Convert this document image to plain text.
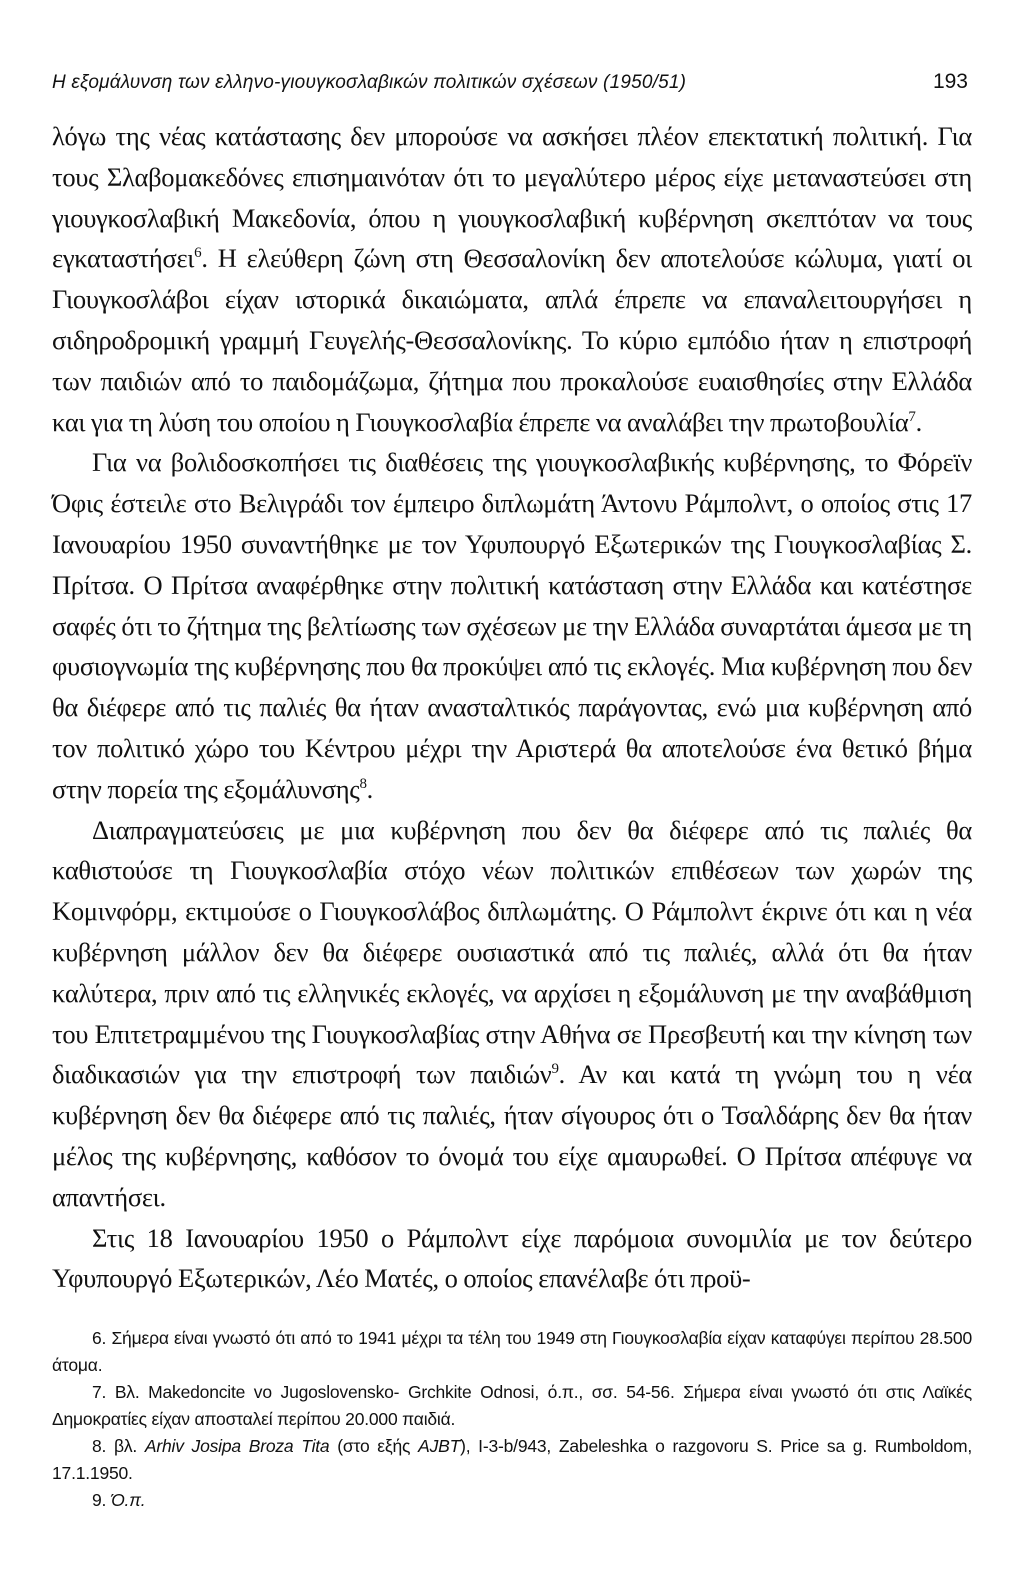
Η εξομάλυνση των ελληνο-γιουγκοσλαβικών πολιτικών σχέσεων (1950/51)	193

λόγω της νέας κατάστασης δεν μπορούσε να ασκήσει πλέον επεκτατική πολιτική. Για τους Σλαβομακεδόνες επισημαινόταν ότι το μεγαλύτερο μέρος είχε μεταναστεύσει στη γιουγκοσλαβική Μακεδονία, όπου η γιουγκοσλαβική κυβέρνηση σκεπτόταν να τους εγκαταστήσει$^6$. Η ελεύθερη ζώνη στη Θεσσαλονίκη δεν αποτελούσε κώλυμα, γιατί οι Γιουγκοσλάβοι είχαν ιστορικά δικαιώματα, απλά έπρεπε να επαναλειτουργήσει η σιδηροδρομική γραμμή Γευγελής-Θεσσαλονίκης. Το κύριο εμπόδιο ήταν η επιστροφή των παιδιών από το παιδομάζωμα, ζήτημα που προκαλούσε ευαισθησίες στην Ελλάδα και για τη λύση του οποίου η Γιουγκοσλαβία έπρεπε να αναλάβει την πρωτοβουλία$^7$.

Για να βολιδοσκοπήσει τις διαθέσεις της γιουγκοσλαβικής κυβέρνησης, το Φόρεϊν Όφις έστειλε στο Βελιγράδι τον έμπειρο διπλωμάτη Άντονυ Ράμπολντ, ο οποίος στις 17 Ιανουαρίου 1950 συναντήθηκε με τον Υφυπουργό Εξωτερικών της Γιουγκοσλαβίας Σ. Πρίτσα. Ο Πρίτσα αναφέρθηκε στην πολιτική κατάσταση στην Ελλάδα και κατέστησε σαφές ότι το ζήτημα της βελτίωσης των σχέσεων με την Ελλάδα συναρτάται άμεσα με τη φυσιογνωμία της κυβέρνησης που θα προκύψει από τις εκλογές. Μια κυβέρνηση που δεν θα διέφερε από τις παλιές θα ήταν ανασταλτικός παράγοντας, ενώ μια κυβέρνηση από τον πολιτικό χώρο του Κέντρου μέχρι την Αριστερά θα αποτελούσε ένα θετικό βήμα στην πορεία της εξομάλυνσης$^8$.

Διαπραγματεύσεις με μια κυβέρνηση που δεν θα διέφερε από τις παλιές θα καθιστούσε τη Γιουγκοσλαβία στόχο νέων πολιτικών επιθέσεων των χωρών της Κομινφόρμ, εκτιμούσε ο Γιουγκοσλάβος διπλωμάτης. Ο Ράμπολντ έκρινε ότι και η νέα κυβέρνηση μάλλον δεν θα διέφερε ουσιαστικά από τις παλιές, αλλά ότι θα ήταν καλύτερα, πριν από τις ελληνικές εκλογές, να αρχίσει η εξομάλυνση με την αναβάθμιση του Επιτετραμμένου της Γιουγκοσλαβίας στην Αθήνα σε Πρεσβευτή και την κίνηση των διαδικασιών για την επιστροφή των παιδιών$^9$. Αν και κατά τη γνώμη του η νέα κυβέρνηση δεν θα διέφερε από τις παλιές, ήταν σίγουρος ότι ο Τσαλδάρης δεν θα ήταν μέλος της κυβέρνησης, καθόσον το όνομά του είχε αμαυρωθεί. Ο Πρίτσα απέφυγε να απαντήσει.

Στις 18 Ιανουαρίου 1950 ο Ράμπολντ είχε παρόμοια συνομιλία με τον δεύτερο Υφυπουργό Εξωτερικών, Λέο Ματές, ο οποίος επανέλαβε ότι προϋ-

6. Σήμερα είναι γνωστό ότι από το 1941 μέχρι τα τέλη του 1949 στη Γιουγκοσλαβία είχαν καταφύγει περίπου 28.500 άτομα.

7. Βλ. Makedoncite vo Jugoslovensko- Grchkite Odnosi, ό.π., σσ. 54-56. Σήμερα είναι γνωστό ότι στις Λαϊκές Δημοκρατίες είχαν αποσταλεί περίπου 20.000 παιδιά.

8. βλ. Arhiv Josipa Broza Tita (στο εξής AJBT), I-3-b/943, Zabeleshka o razgovoru S. Price sa g. Rumboldom, 17.1.1950.

9. Ό.π.
